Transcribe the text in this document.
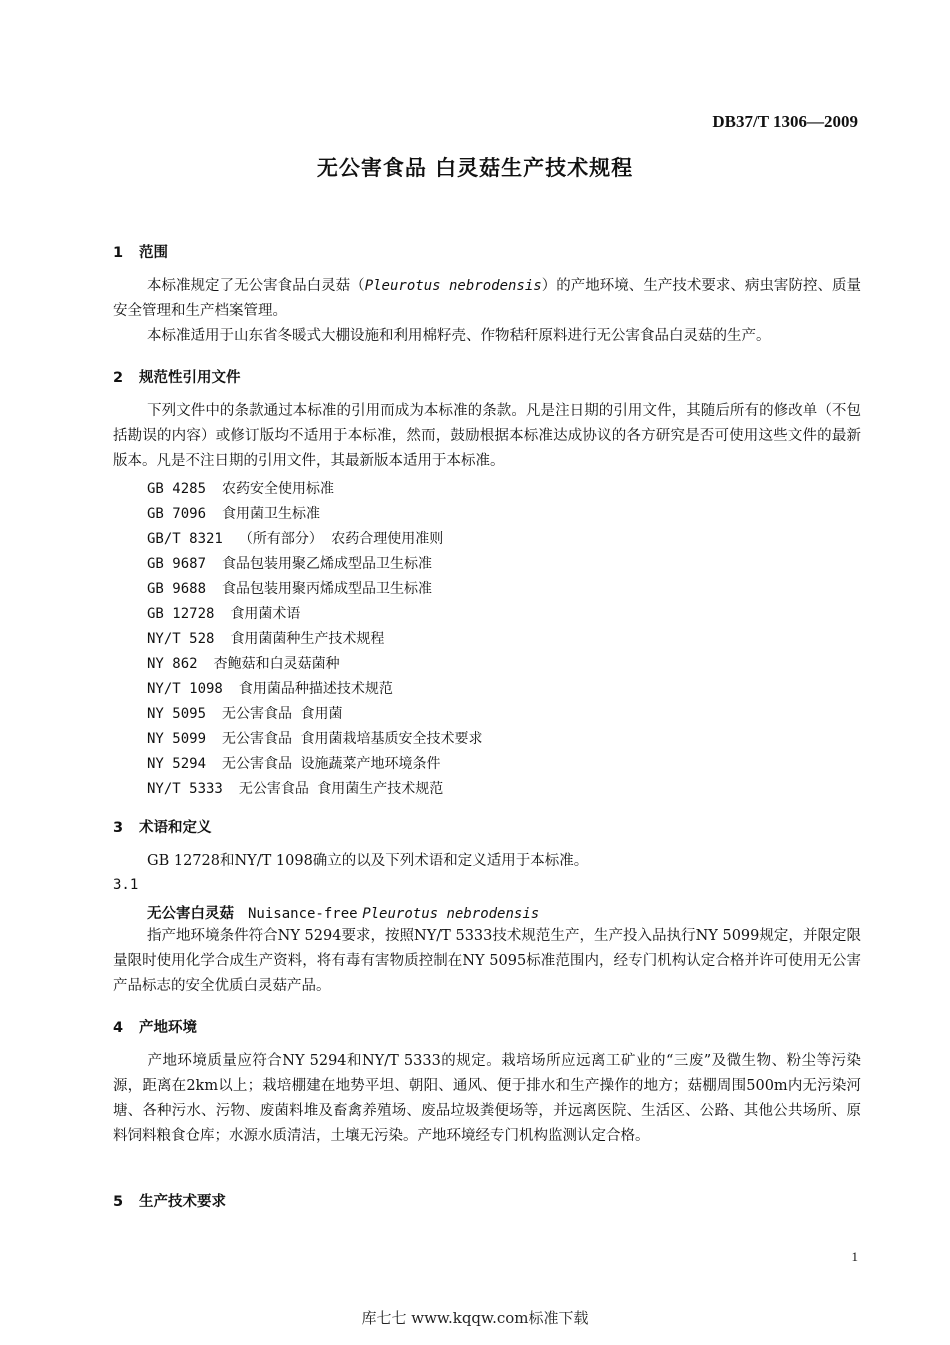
DB37/T 1306—2009
无公害食品 白灵菇生产技术规程
1 范围
本标准规定了无公害食品白灵菇（Pleurotus nebrodensis）的产地环境、生产技术要求、病虫害防控、质量安全管理和生产档案管理。
本标准适用于山东省冬暖式大棚设施和利用棉籽壳、作物秸秆原料进行无公害食品白灵菇的生产。
2 规范性引用文件
下列文件中的条款通过本标准的引用而成为本标准的条款。凡是注日期的引用文件，其随后所有的修改单（不包括勘误的内容）或修订版均不适用于本标准，然而，鼓励根据本标准达成协议的各方研究是否可使用这些文件的最新版本。凡是不注日期的引用文件，其最新版本适用于本标准。
GB 4285 农药安全使用标准
GB 7096 食用菌卫生标准
GB/T 8321 （所有部分） 农药合理使用准则
GB 9687 食品包装用聚乙烯成型品卫生标准
GB 9688 食品包装用聚丙烯成型品卫生标准
GB 12728 食用菌术语
NY/T 528 食用菌菌种生产技术规程
NY 862 杏鲍菇和白灵菇菌种
NY/T 1098 食用菌品种描述技术规范
NY 5095 无公害食品 食用菌
NY 5099 无公害食品 食用菌栽培基质安全技术要求
NY 5294 无公害食品 设施蔬菜产地环境条件
NY/T 5333 无公害食品 食用菌生产技术规范
3 术语和定义
GB 12728和NY/T 1098确立的以及下列术语和定义适用于本标准。
3.1
无公害白灵菇 Nuisance-free Pleurotus nebrodensis
指产地环境条件符合NY 5294要求，按照NY/T 5333技术规范生产，生产投入品执行NY 5099规定，并限定限量限时使用化学合成生产资料，将有毒有害物质控制在NY 5095标准范围内，经专门机构认定合格并许可使用无公害产品标志的安全优质白灵菇产品。
4 产地环境
产地环境质量应符合NY 5294和NY/T 5333的规定。栽培场所应远离工矿业的“三废”及微生物、粉尘等污染源，距离在2km以上；栽培棚建在地势平坦、朝阳、通风、便于排水和生产操作的地方；菇棚周围500m内无污染河塘、各种污水、污物、废菌料堆及畜禽养殖场、废品垃圾粪便场等，并远离医院、生活区、公路、其他公共场所、原料饲料粮食仓库；水源水质清洁，土壤无污染。产地环境经专门机构监测认定合格。
5 生产技术要求
1
库七七 www.kqqw.com标准下载
